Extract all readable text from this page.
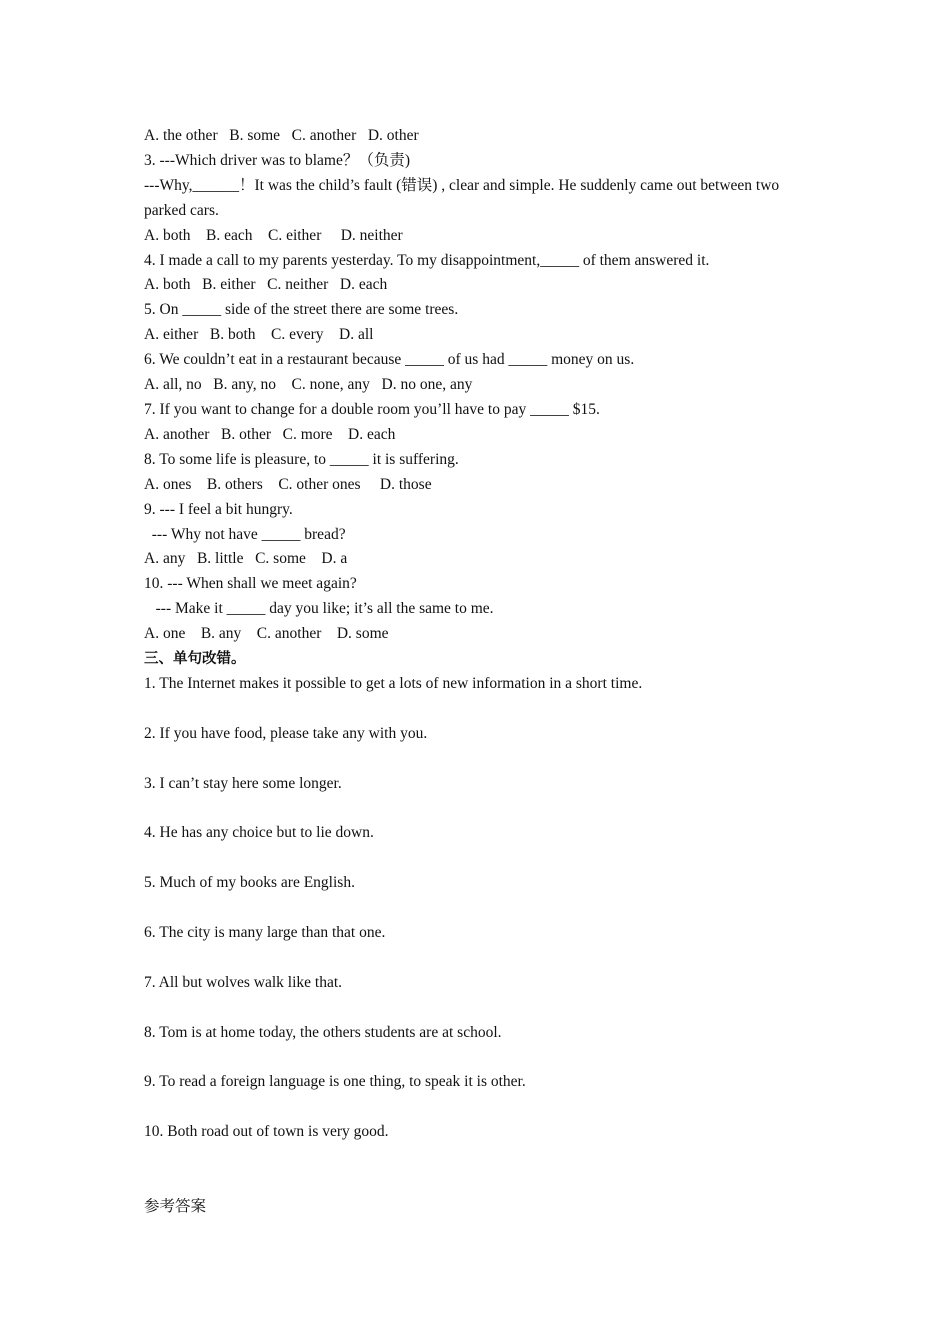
A. the other   B. some   C. another   D. other

3. ---Which driver was to blame？（负责)

---Why,______！It was the child’s fault (错误) , clear and simple. He suddenly came out between two parked cars.

A. both    B. each    C. either     D. neither

4. I made a call to my parents yesterday. To my disappointment,_____ of them answered it.

A. both   B. either   C. neither   D. each

5. On _____ side of the street there are some trees.

A. either   B. both    C. every    D. all

6. We couldn’t eat in a restaurant because _____ of us had _____ money on us.

A. all, no   B. any, no    C. none, any   D. no one, any

7. If you want to change for a double room you’ll have to pay _____ $15.

A. another   B. other   C. more    D. each

8. To some life is pleasure, to _____ it is suffering.

A. ones    B. others    C. other ones     D. those

9. --- I feel a bit hungry.

--- Why not have _____ bread?

A. any   B. little   C. some    D. a

10. --- When shall we meet again?

--- Make it _____ day you like; it’s all the same to me.

A. one    B. any    C. another    D. some

三、单句改错。

1. The Internet makes it possible to get a lots of new information in a short time.

2. If you have food, please take any with you.

3. I can’t stay here some longer.

4. He has any choice but to lie down.

5. Much of my books are English.

6. The city is many large than that one.

7. All but wolves walk like that.

8. Tom is at home today, the others students are at school.

9. To read a foreign language is one thing, to speak it is other.

10. Both road out of town is very good.

参考答案
